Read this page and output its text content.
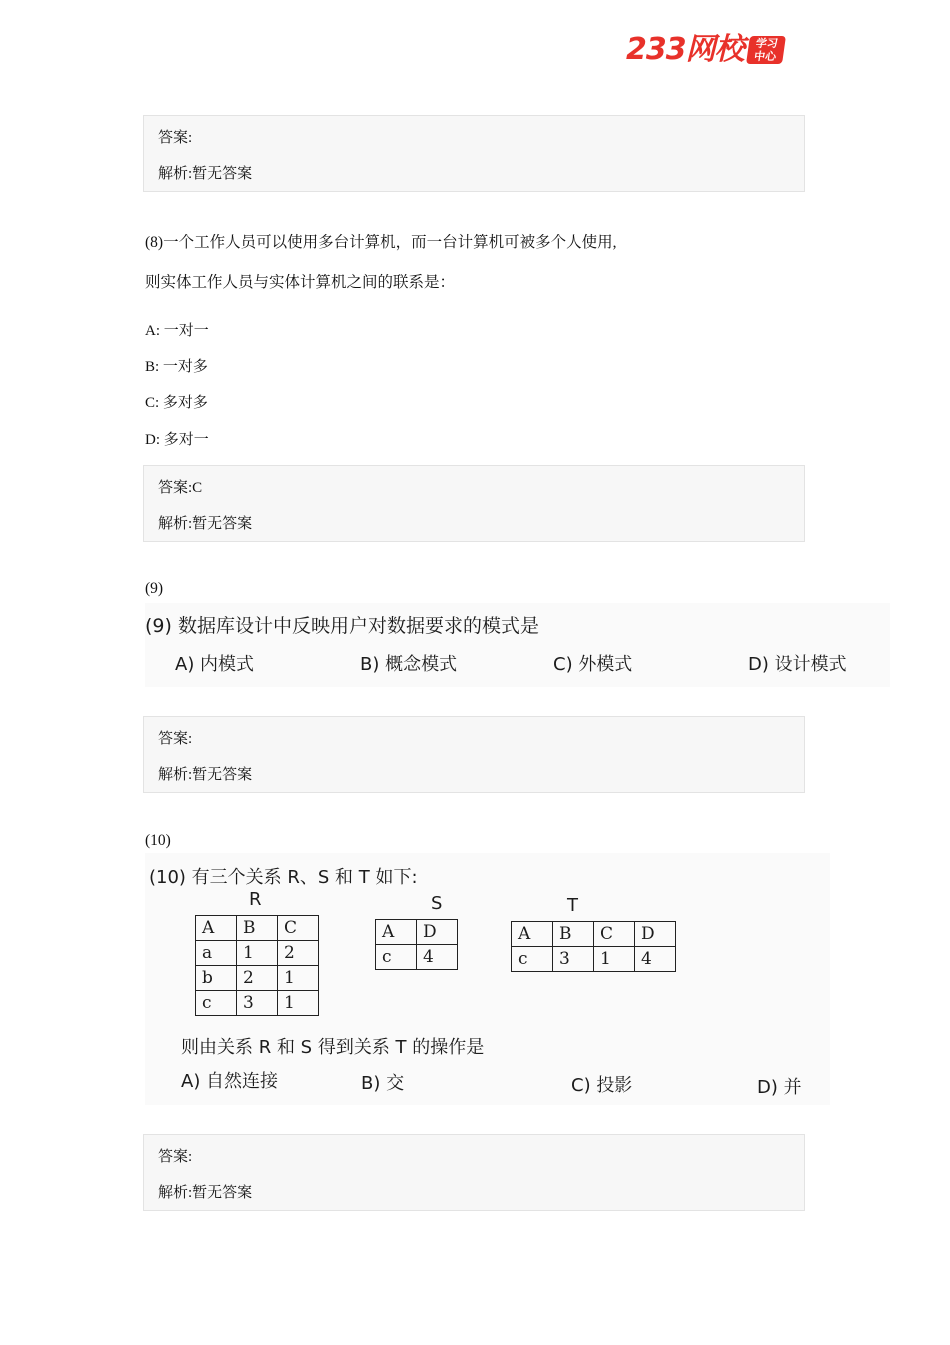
233网校 学习
中心
答案:
解析:暂无答案
(8)一个工作人员可以使用多台计算机，而一台计算机可被多个人使用,
则实体工作人员与实体计算机之间的联系是：
A: 一对一
B: 一对多
C: 多对多
D: 多对一
答案:C
解析:暂无答案
(9)
(9) 数据库设计中反映用户对数据要求的模式是
A) 内模式	B) 概念模式	C) 外模式	D) 设计模式
答案:
解析:暂无答案
(10)
(10) 有三个关系 R、S 和 T 如下:
R
A	B	C
a	1	2
b	2	1
c	3	1
S
A	D
c	4
T
A	B	C	D
c	3	1	4
则由关系 R 和 S 得到关系 T 的操作是
A) 自然连接	B) 交	C) 投影	D) 并
答案:
解析:暂无答案
